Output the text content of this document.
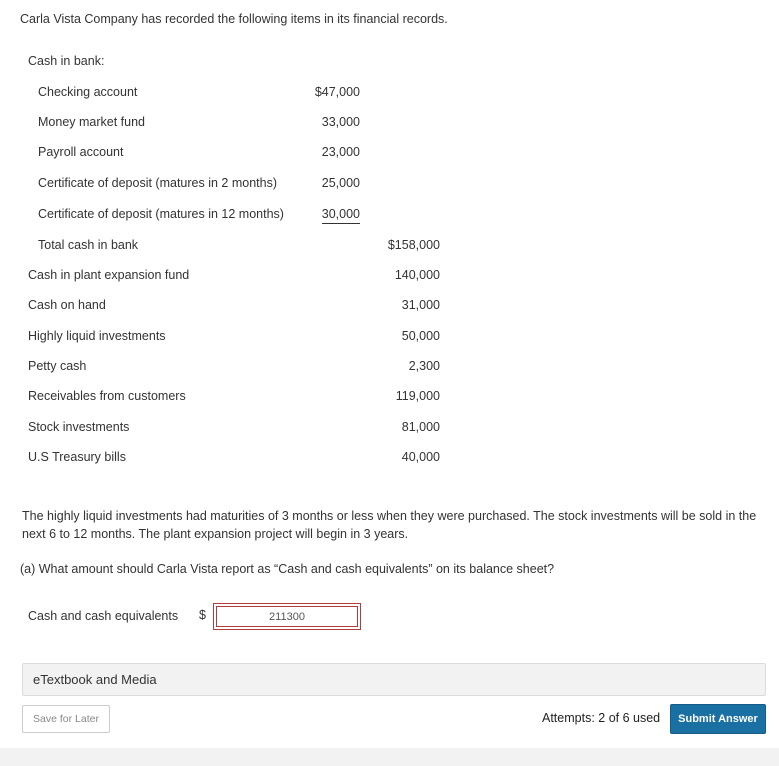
Carla Vista Company has recorded the following items in its financial records.
Cash in bank:
Checking account	$47,000
Money market fund	33,000
Payroll account	23,000
Certificate of deposit (matures in 2 months)	25,000
Certificate of deposit (matures in 12 months)	30,000
Total cash in bank	$158,000
Cash in plant expansion fund	140,000
Cash on hand	31,000
Highly liquid investments	50,000
Petty cash	2,300
Receivables from customers	119,000
Stock investments	81,000
U.S Treasury bills	40,000
The highly liquid investments had maturities of 3 months or less when they were purchased. The stock investments will be sold in the next 6 to 12 months. The plant expansion project will begin in 3 years.
(a) What amount should Carla Vista report as “Cash and cash equivalents” on its balance sheet?
Cash and cash equivalents $
211300
eTextbook and Media
Save for Later	Attempts: 2 of 6 used	Submit Answer
